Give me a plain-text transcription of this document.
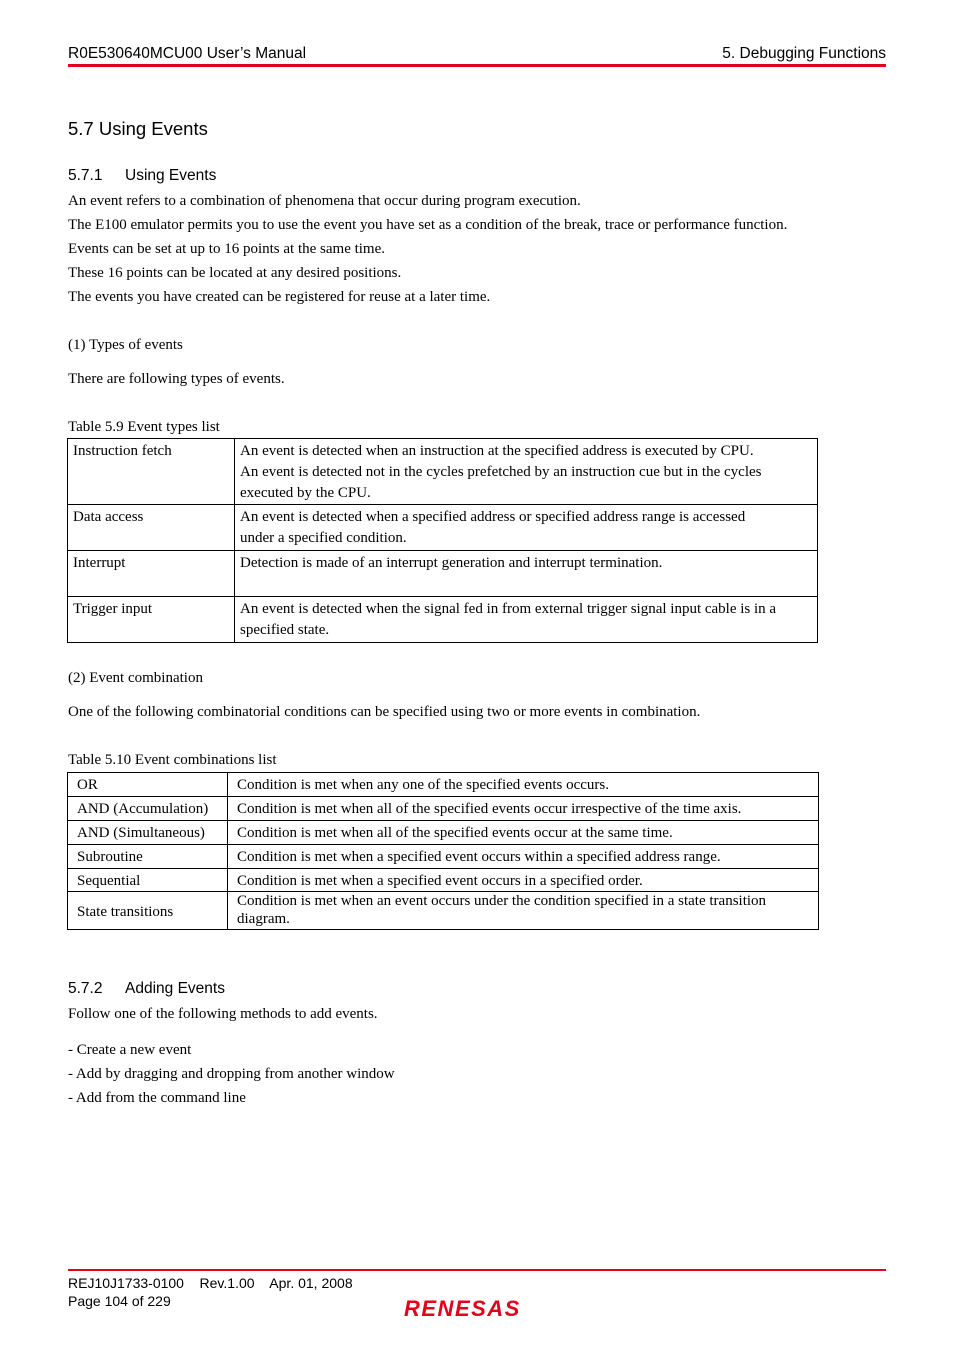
R0E530640MCU00 User’s Manual	5. Debugging Functions
5.7 Using Events
5.7.1 Using Events
An event refers to a combination of phenomena that occur during program execution.
The E100 emulator permits you to use the event you have set as a condition of the break, trace or performance function.
Events can be set at up to 16 points at the same time.
These 16 points can be located at any desired positions.
The events you have created can be registered for reuse at a later time.
(1) Types of events
There are following types of events.
Table 5.9 Event types list
Instruction fetch	An event is detected when an instruction at the specified address is executed by CPU.
An event is detected not in the cycles prefetched by an instruction cue but in the cycles
executed by the CPU.

Data access	An event is detected when a specified address or specified address range is accessed
under a specified condition.

Interrupt	Detection is made of an interrupt generation and interrupt termination.

Trigger input	An event is detected when the signal fed in from external trigger signal input cable is in a
specified state.
(2) Event combination
One of the following combinatorial conditions can be specified using two or more events in combination.
Table 5.10 Event combinations list
OR	Condition is met when any one of the specified events occurs.

AND (Accumulation)	Condition is met when all of the specified events occur irrespective of the time axis.

AND (Simultaneous)	Condition is met when all of the specified events occur at the same time.

Subroutine	Condition is met when a specified event occurs within a specified address range.

Sequential	Condition is met when a specified event occurs in a specified order.

State transitions	Condition is met when an event occurs under the condition specified in a state transition
diagram.
5.7.2 Adding Events
Follow one of the following methods to add events.
- Create a new event
- Add by dragging and dropping from another window
- Add from the command line
REJ10J1733-0100    Rev.1.00    Apr. 01, 2008
Page 104 of 229	RENESAS
